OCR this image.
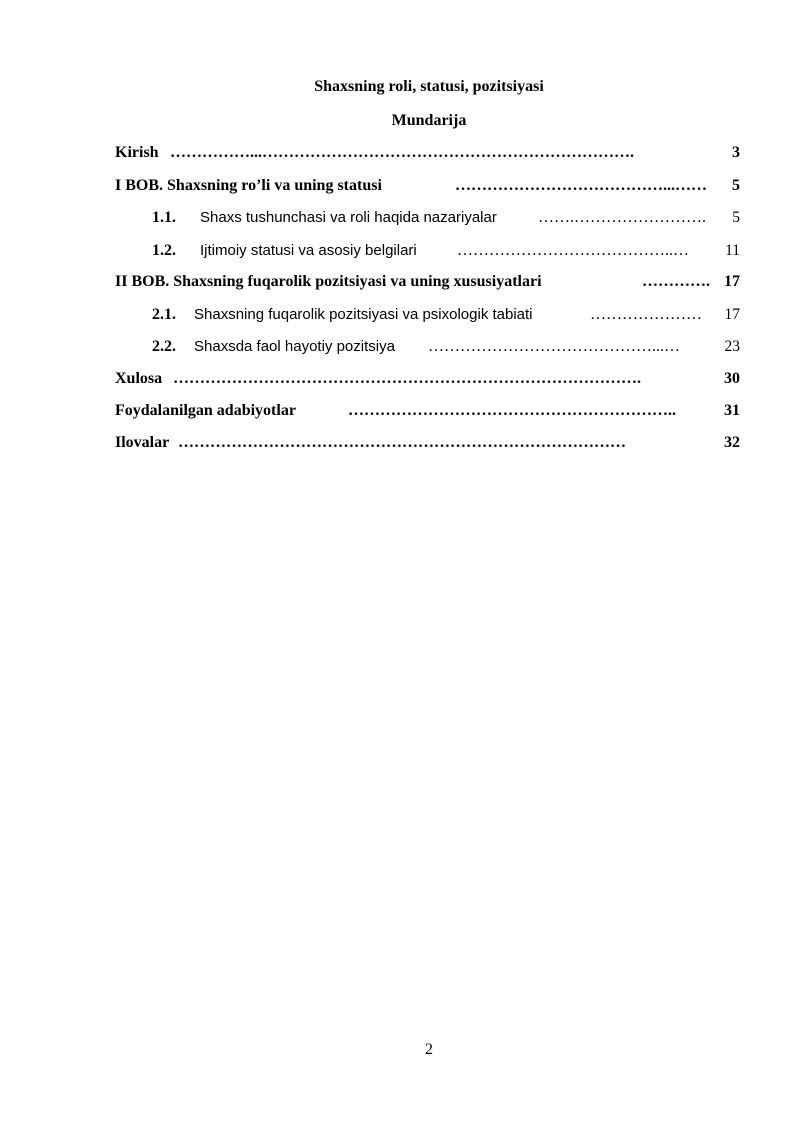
Shaxsning roli, statusi, pozitsiyasi
Mundarija
Kirish ……………...…………………………………………………………….	3
I BOB. Shaxsning ro’li va uning statusi	…………………………………...……	5
1.1. Shaxs tushunchasi va roli haqida nazariyalar	…….…………………….	5
1.2. Ijtimoiy statusi va asosiy belgilari	…………………………………..…	11
II BOB. Shaxsning fuqarolik pozitsiyasi va uning xususiyatlari	…………. 17
2.1. Shaxsning fuqarolik pozitsiyasi va psixologik tabiati	…………………	17
2.2. Shaxsda faol hayotiy pozitsiya ……………………………………...…	23
Xulosa …………………………………………………………………………….	30
Foydalanilgan adabiyotlar	……………………………………………………..	31
Ilovalar …………………………………………………………………………	32
2
